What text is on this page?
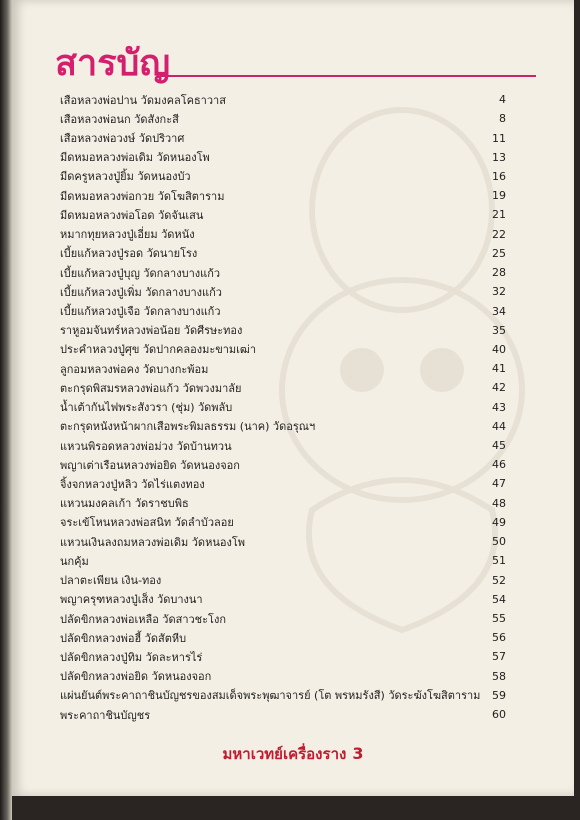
สารบัญ
เสือหลวงพ่อปาน วัดมงคลโคธาวาส	4
เสือหลวงพ่อนก วัดสังกะสี	8
เสือหลวงพ่อวงษ์ วัดปริวาศ	11
มีดหมอหลวงพ่อเดิม วัดหนองโพ	13
มีดครูหลวงปู่ยิ้ม วัดหนองบัว	16
มีดหมอหลวงพ่อกวย วัดโฆสิตาราม	19
มีดหมอหลวงพ่อโอด วัดจันเสน	21
หมากทุยหลวงปู่เอี่ยม วัดหนัง	22
เบี้ยแก้หลวงปู่รอด วัดนายโรง	25
เบี้ยแก้หลวงปู่บุญ วัดกลางบางแก้ว	28
เบี้ยแก้หลวงปู่เพิ่ม วัดกลางบางแก้ว	32
เบี้ยแก้หลวงปู่เจือ วัดกลางบางแก้ว	34
ราหูอมจันทร์หลวงพ่อน้อย วัดศีรษะทอง	35
ประคำหลวงปู่ศุข วัดปากคลองมะขามเฒ่า	40
ลูกอมหลวงพ่อคง วัดบางกะพ้อม	41
ตะกรุดพิสมรหลวงพ่อแก้ว วัดพวงมาลัย	42
น้ำเต้ากันไฟพระสังวรา (ชุ่ม) วัดพลับ	43
ตะกรุดหนังหน้าผากเสือพระพิมลธรรม (นาค) วัดอรุณฯ	44
แหวนพิรอดหลวงพ่อม่วง วัดบ้านทวน	45
พญาเต่าเรือนหลวงพ่อยิด วัดหนองจอก	46
จิ้งจกหลวงปู่หลิว วัดไร่แตงทอง	47
แหวนมงคลเก้า วัดราชบพิธ	48
จระเข้โหนหลวงพ่อสนิท วัดลำบัวลอย	49
แหวนเงินลงถมหลวงพ่อเดิม วัดหนองโพ	50
นกคุ้ม	51
ปลาตะเพียน เงิน-ทอง	52
พญาครุฑหลวงปู่เส็ง วัดบางนา	54
ปลัดขิกหลวงพ่อเหลือ วัดสาวชะโงก	55
ปลัดขิกหลวงพ่อฮี้ วัดสัตหีบ	56
ปลัดขิกหลวงปู่ทิม วัดละหารไร่	57
ปลัดขิกหลวงพ่อยิด วัดหนองจอก	58
แผ่นยันต์พระคาถาชินบัญชรของสมเด็จพระพุฒาจารย์ (โต พรหมรังสี) วัดระฆังโฆสิตาราม	59
พระคาถาชินบัญชร	60
มหาเวทย์เครื่องราง 3
